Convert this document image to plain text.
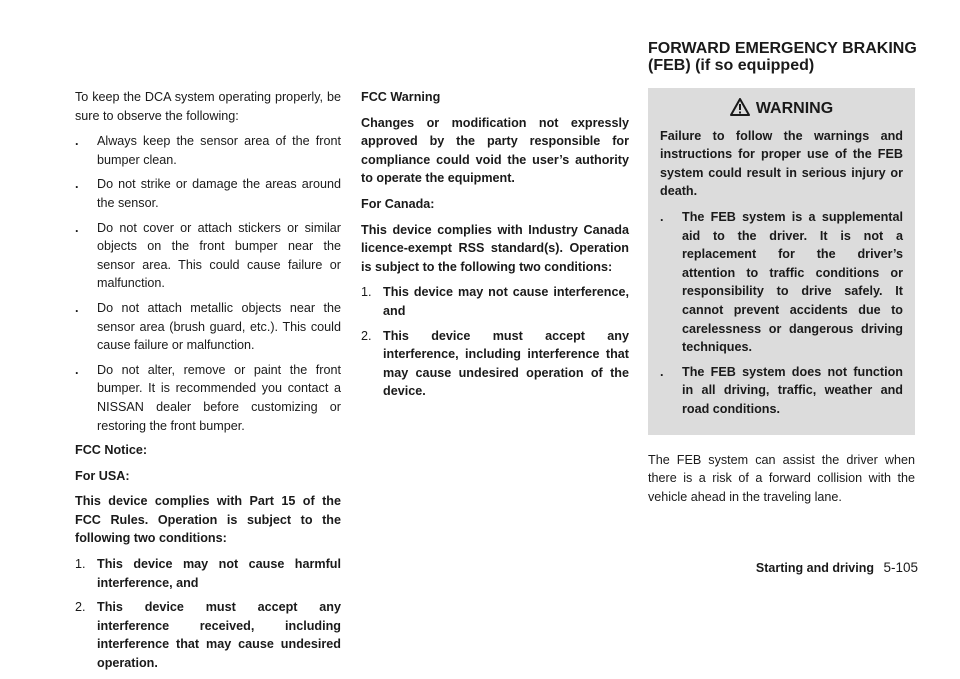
To keep the DCA system operating properly, be sure to observe the following:

. Always keep the sensor area of the front bumper clean.
. Do not strike or damage the areas around the sensor.
. Do not cover or attach stickers or similar objects on the front bumper near the sensor area. This could cause failure or malfunction.
. Do not attach metallic objects near the sensor area (brush guard, etc.). This could cause failure or malfunction.
. Do not alter, remove or paint the front bumper. It is recommended you contact a NISSAN dealer before customizing or restoring the front bumper.

FCC Notice:

For USA:

This device complies with Part 15 of the FCC Rules. Operation is subject to the following two conditions:

1. This device may not cause harmful interference, and
2. This device must accept any interference received, including interference that may cause undesired operation.

FCC Warning

Changes or modification not expressly approved by the party responsible for compliance could void the user’s authority to operate the equipment.

For Canada:

This device complies with Industry Canada licence-exempt RSS standard(s). Operation is subject to the following two conditions:

1. This device may not cause interference, and
2. This device must accept any interference, including interference that may cause undesired operation of the device.
FORWARD EMERGENCY BRAKING
(FEB) (if so equipped)
WARNING

Failure to follow the warnings and instructions for proper use of the FEB system could result in serious injury or death.

. The FEB system is a supplemental aid to the driver. It is not a replacement for the driver’s attention to traffic conditions or responsibility to drive safely. It cannot prevent accidents due to carelessness or dangerous driving techniques.
. The FEB system does not function in all driving, traffic, weather and road conditions.

The FEB system can assist the driver when there is a risk of a forward collision with the vehicle ahead in the traveling lane.

Starting and driving 5-105
